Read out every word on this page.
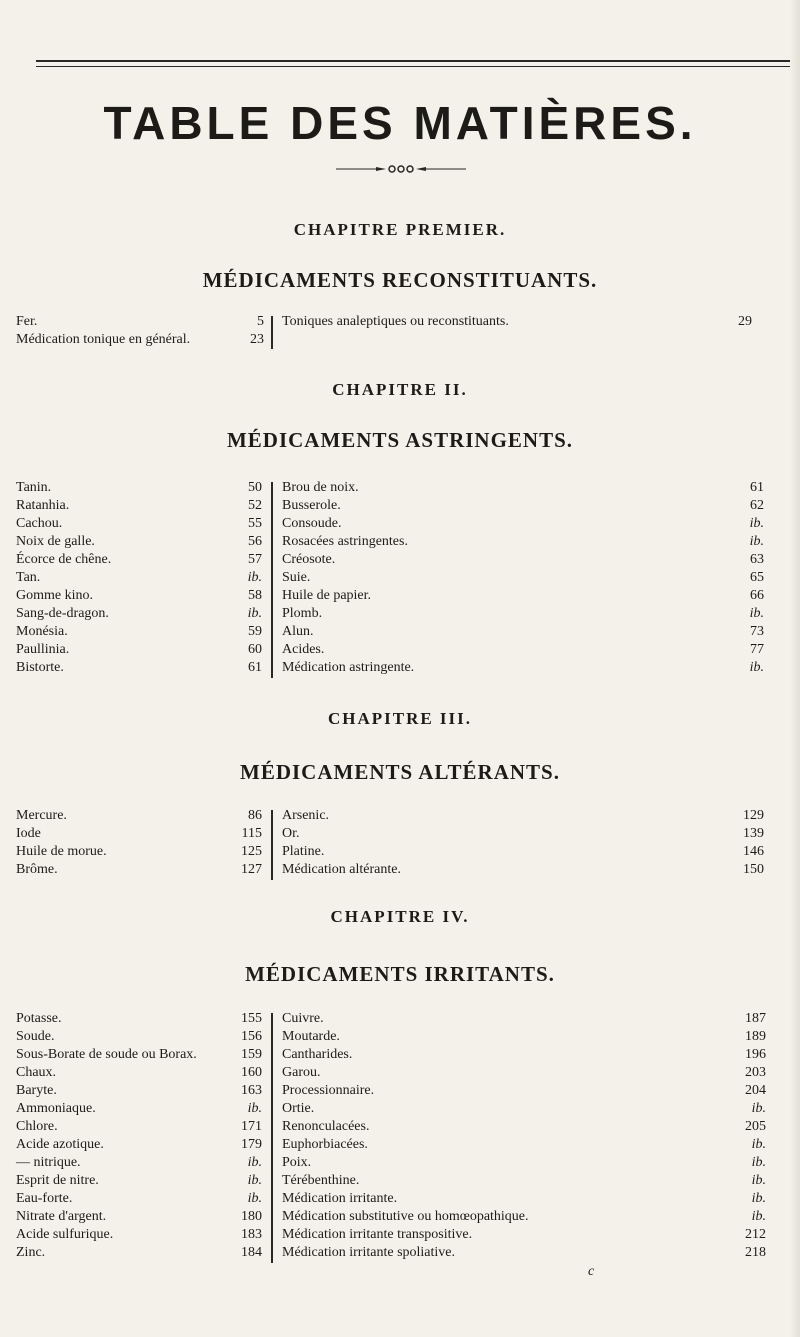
TABLE DES MATIÈRES.
CHAPITRE PREMIER.
MÉDICAMENTS RECONSTITUANTS.
Fer.	5
Médication tonique en général.	23
Toniques analeptiques ou reconstituants.	29
CHAPITRE II.
MÉDICAMENTS ASTRINGENTS.
Tanin.	50
Ratanhia.	52
Cachou.	55
Noix de galle.	56
Écorce de chêne.	57
Tan.	ib.
Gomme kino.	58
Sang-de-dragon.	ib.
Monésia.	59
Paullinia.	60
Bistorte.	61
Brou de noix.	61
Busserole.	62
Consoude.	ib.
Rosacées astringentes.	ib.
Créosote.	63
Suie.	65
Huile de papier.	66
Plomb.	ib.
Alun.	73
Acides.	77
Médication astringente.	ib.
CHAPITRE III.
MÉDICAMENTS ALTÉRANTS.
Mercure.	86
Iode	115
Huile de morue.	125
Brôme.	127
Arsenic.	129
Or.	139
Platine.	146
Médication altérante.	150
CHAPITRE IV.
MÉDICAMENTS IRRITANTS.
Potasse.	155
Soude.	156
Sous-Borate de soude ou Borax.	159
Chaux.	160
Baryte.	163
Ammoniaque.	ib.
Chlore.	171
Acide azotique.	179
— nitrique.	ib.
Esprit de nitre.	ib.
Eau-forte.	ib.
Nitrate d'argent.	180
Acide sulfurique.	183
Zinc.	184
Cuivre.	187
Moutarde.	189
Cantharides.	196
Garou.	203
Processionnaire.	204
Ortie.	ib.
Renonculacées.	205
Euphorbiacées.	ib.
Poix.	ib.
Térébenthine.	ib.
Médication irritante.	ib.
Médication substitutive ou homœopathique.	ib.
Médication irritante transpositive.	212
Médication irritante spoliative.	218
c
